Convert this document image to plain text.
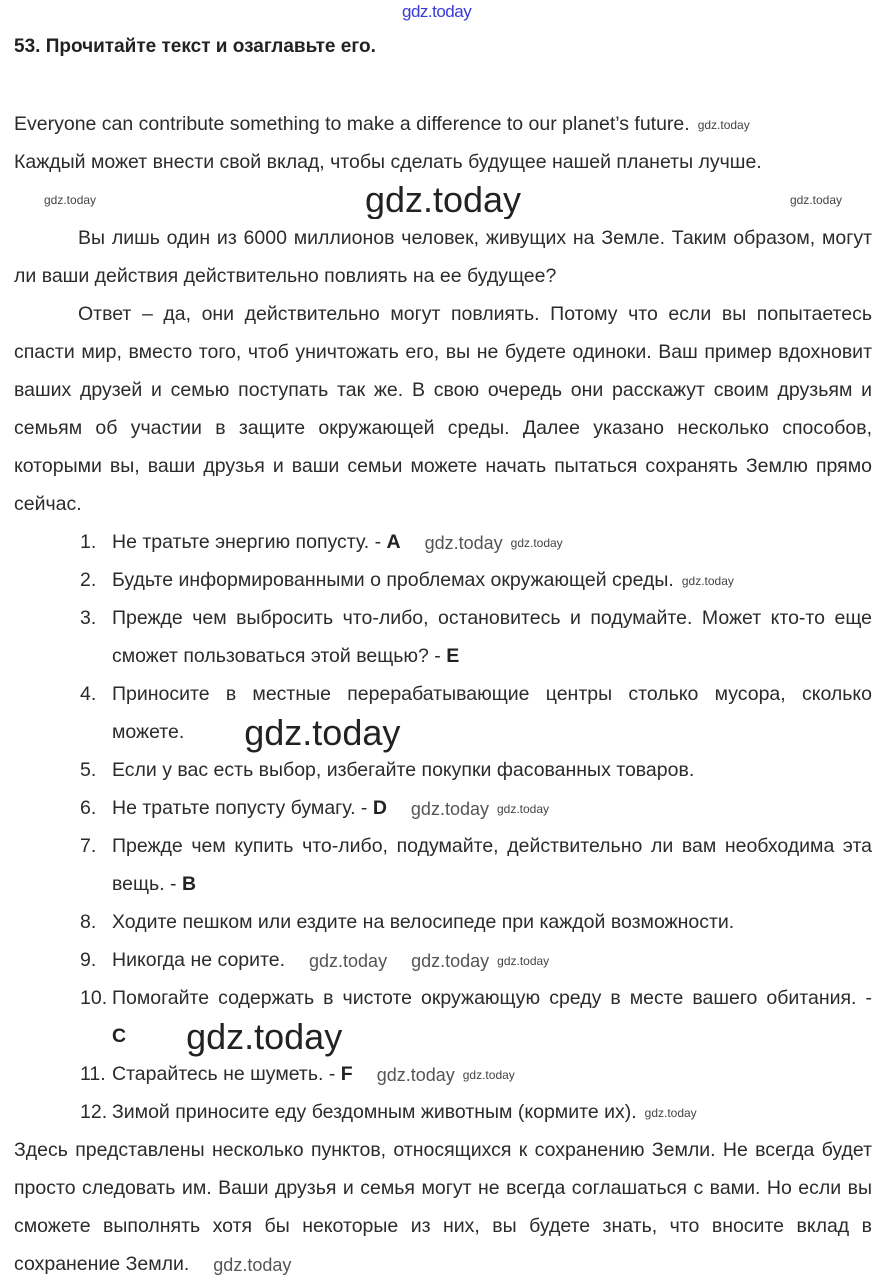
gdz.today
53. Прочитайте текст и озаглавьте его.

Everyone can contribute something to make a difference to our planet’s future. gdz.today

Каждый может внести свой вклад, чтобы сделать будущее нашей планеты лучше.

gdz.today	gdz.today	gdz.today

Вы лишь один из 6000 миллионов человек, живущих на Земле. Таким образом, могут ли ваши действия действительно повлиять на ее будущее?

Ответ – да, они действительно могут повлиять. Потому что если вы попытаетесь спасти мир, вместо того, чтоб уничтожать его, вы не будете одиноки. Ваш пример вдохновит ваших друзей и семью поступать так же. В свою очередь они расскажут своим друзьям и семьям об участии в защите окружающей среды. Далее указано несколько способов, которыми вы, ваши друзья и ваши семьи можете начать пытаться сохранять Землю прямо сейчас.

1. Не тратьте энергию попусту. - A gdz.today gdz.today
2. Будьте информированными о проблемах окружающей среды. gdz.today
3. Прежде чем выбросить что-либо, остановитесь и подумайте. Может кто-то еще сможет пользоваться этой вещью? - E
4. Приносите в местные перерабатывающие центры столько мусора, сколько можете. gdz.today
5. Если у вас есть выбор, избегайте покупки фасованных товаров.
6. Не тратьте попусту бумагу. - D gdz.today gdz.today
7. Прежде чем купить что-либо, подумайте, действительно ли вам необходима эта вещь. - B
8. Ходите пешком или ездите на велосипеде при каждой возможности.
9. Никогда не сорите. gdz.today gdz.today gdz.today
10. Помогайте содержать в чистоте окружающую среду в месте вашего обитания. - C gdz.today
11. Старайтесь не шуметь. - F gdz.today gdz.today
12. Зимой приносите еду бездомным животным (кормите их). gdz.today

Здесь представлены несколько пунктов, относящихся к сохранению Земли. Не всегда будет просто следовать им. Ваши друзья и семья могут не всегда соглашаться с вами. Но если вы сможете выполнять хотя бы некоторые из них, вы будете знать, что вносите вклад в сохранение Земли. gdz.today
